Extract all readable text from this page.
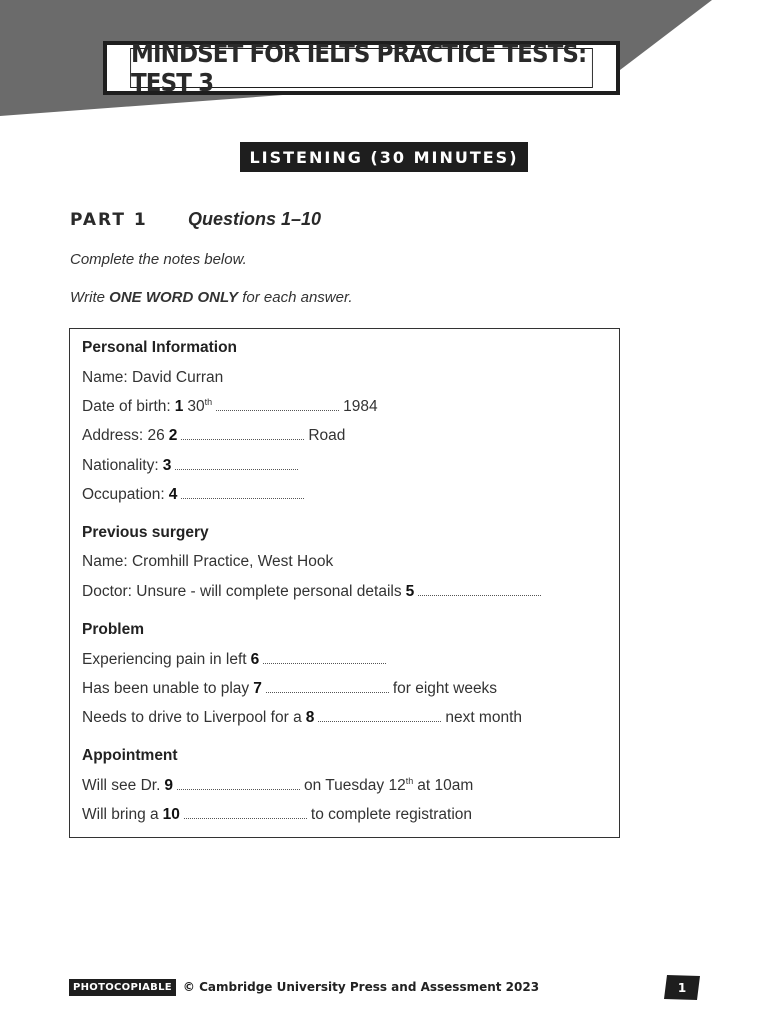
MINDSET FOR IELTS PRACTICE TESTS: TEST 3
LISTENING (30 MINUTES)
PART 1	Questions 1–10
Complete the notes below.
Write ONE WORD ONLY for each answer.
Personal Information
Name: David Curran
Date of birth: 1 30th	1984
Address: 26 2	Road
Nationality: 3
Occupation: 4
Previous surgery
Name: Cromhill Practice, West Hook
Doctor: Unsure - will complete personal details 5
Problem
Experiencing pain in left 6
Has been unable to play 7	for eight weeks
Needs to drive to Liverpool for a 8	next month
Appointment
Will see Dr. 9	on Tuesday 12th at 10am
Will bring a 10	to complete registration
PHOTOCOPIABLE © Cambridge University Press and Assessment 2023	1
